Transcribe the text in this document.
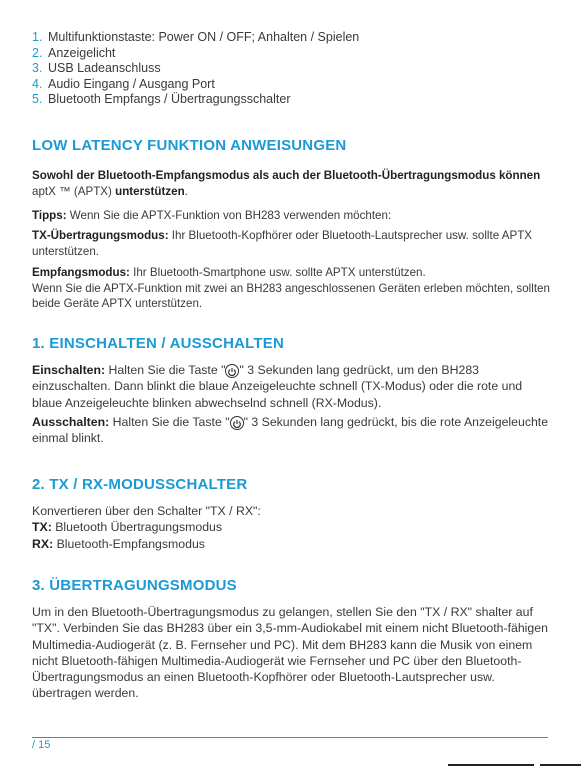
1. Multifunktionstaste: Power ON / OFF; Anhalten / Spielen
2. Anzeigelicht
3. USB Ladeanschluss
4. Audio Eingang / Ausgang Port
5. Bluetooth Empfangs / Übertragungsschalter
LOW LATENCY FUNKTION ANWEISUNGEN
Sowohl der Bluetooth-Empfangsmodus als auch der Bluetooth-Übertragungsmodus können aptX ™ (APTX) unterstützen.
Tipps: Wenn Sie die APTX-Funktion von BH283 verwenden möchten:
TX-Übertragungsmodus: Ihr Bluetooth-Kopfhörer oder Bluetooth-Lautsprecher usw. sollte APTX unterstützen.
Empfangsmodus: Ihr Bluetooth-Smartphone usw. sollte APTX unterstützen.
Wenn Sie die APTX-Funktion mit zwei an BH283 angeschlossenen Geräten erleben möchten, sollten beide Geräte APTX unterstützen.
1. EINSCHALTEN / AUSSCHALTEN
Einschalten: Halten Sie die Taste " " 3 Sekunden lang gedrückt, um den BH283 einzuschalten. Dann blinkt die blaue Anzeigeleuchte schnell (TX-Modus) oder die rote und blaue Anzeigeleuchte blinken abwechselnd schnell (RX-Modus).
Ausschalten: Halten Sie die Taste " " 3 Sekunden lang gedrückt, bis die rote Anzeigeleuchte einmal blinkt.
2. TX / RX-MODUSSCHALTER
Konvertieren über den Schalter "TX / RX":
TX: Bluetooth Übertragungsmodus
RX: Bluetooth-Empfangsmodus
3. ÜBERTRAGUNGSMODUS
Um in den Bluetooth-Übertragungsmodus zu gelangen, stellen Sie den "TX / RX" shalter auf "TX". Verbinden Sie das BH283 über ein 3,5-mm-Audiokabel mit einem nicht Bluetooth-fähigen Multimedia-Audiogerät (z. B. Fernseher und PC). Mit dem BH283 kann die Musik von einem nicht Bluetooth-fähigen Multimedia-Audiogerät wie Fernseher und PC über den Bluetooth-Übertragungsmodus an einen Bluetooth-Kopfhörer oder Bluetooth-Lautsprecher usw. übertragen werden.
/ 15
